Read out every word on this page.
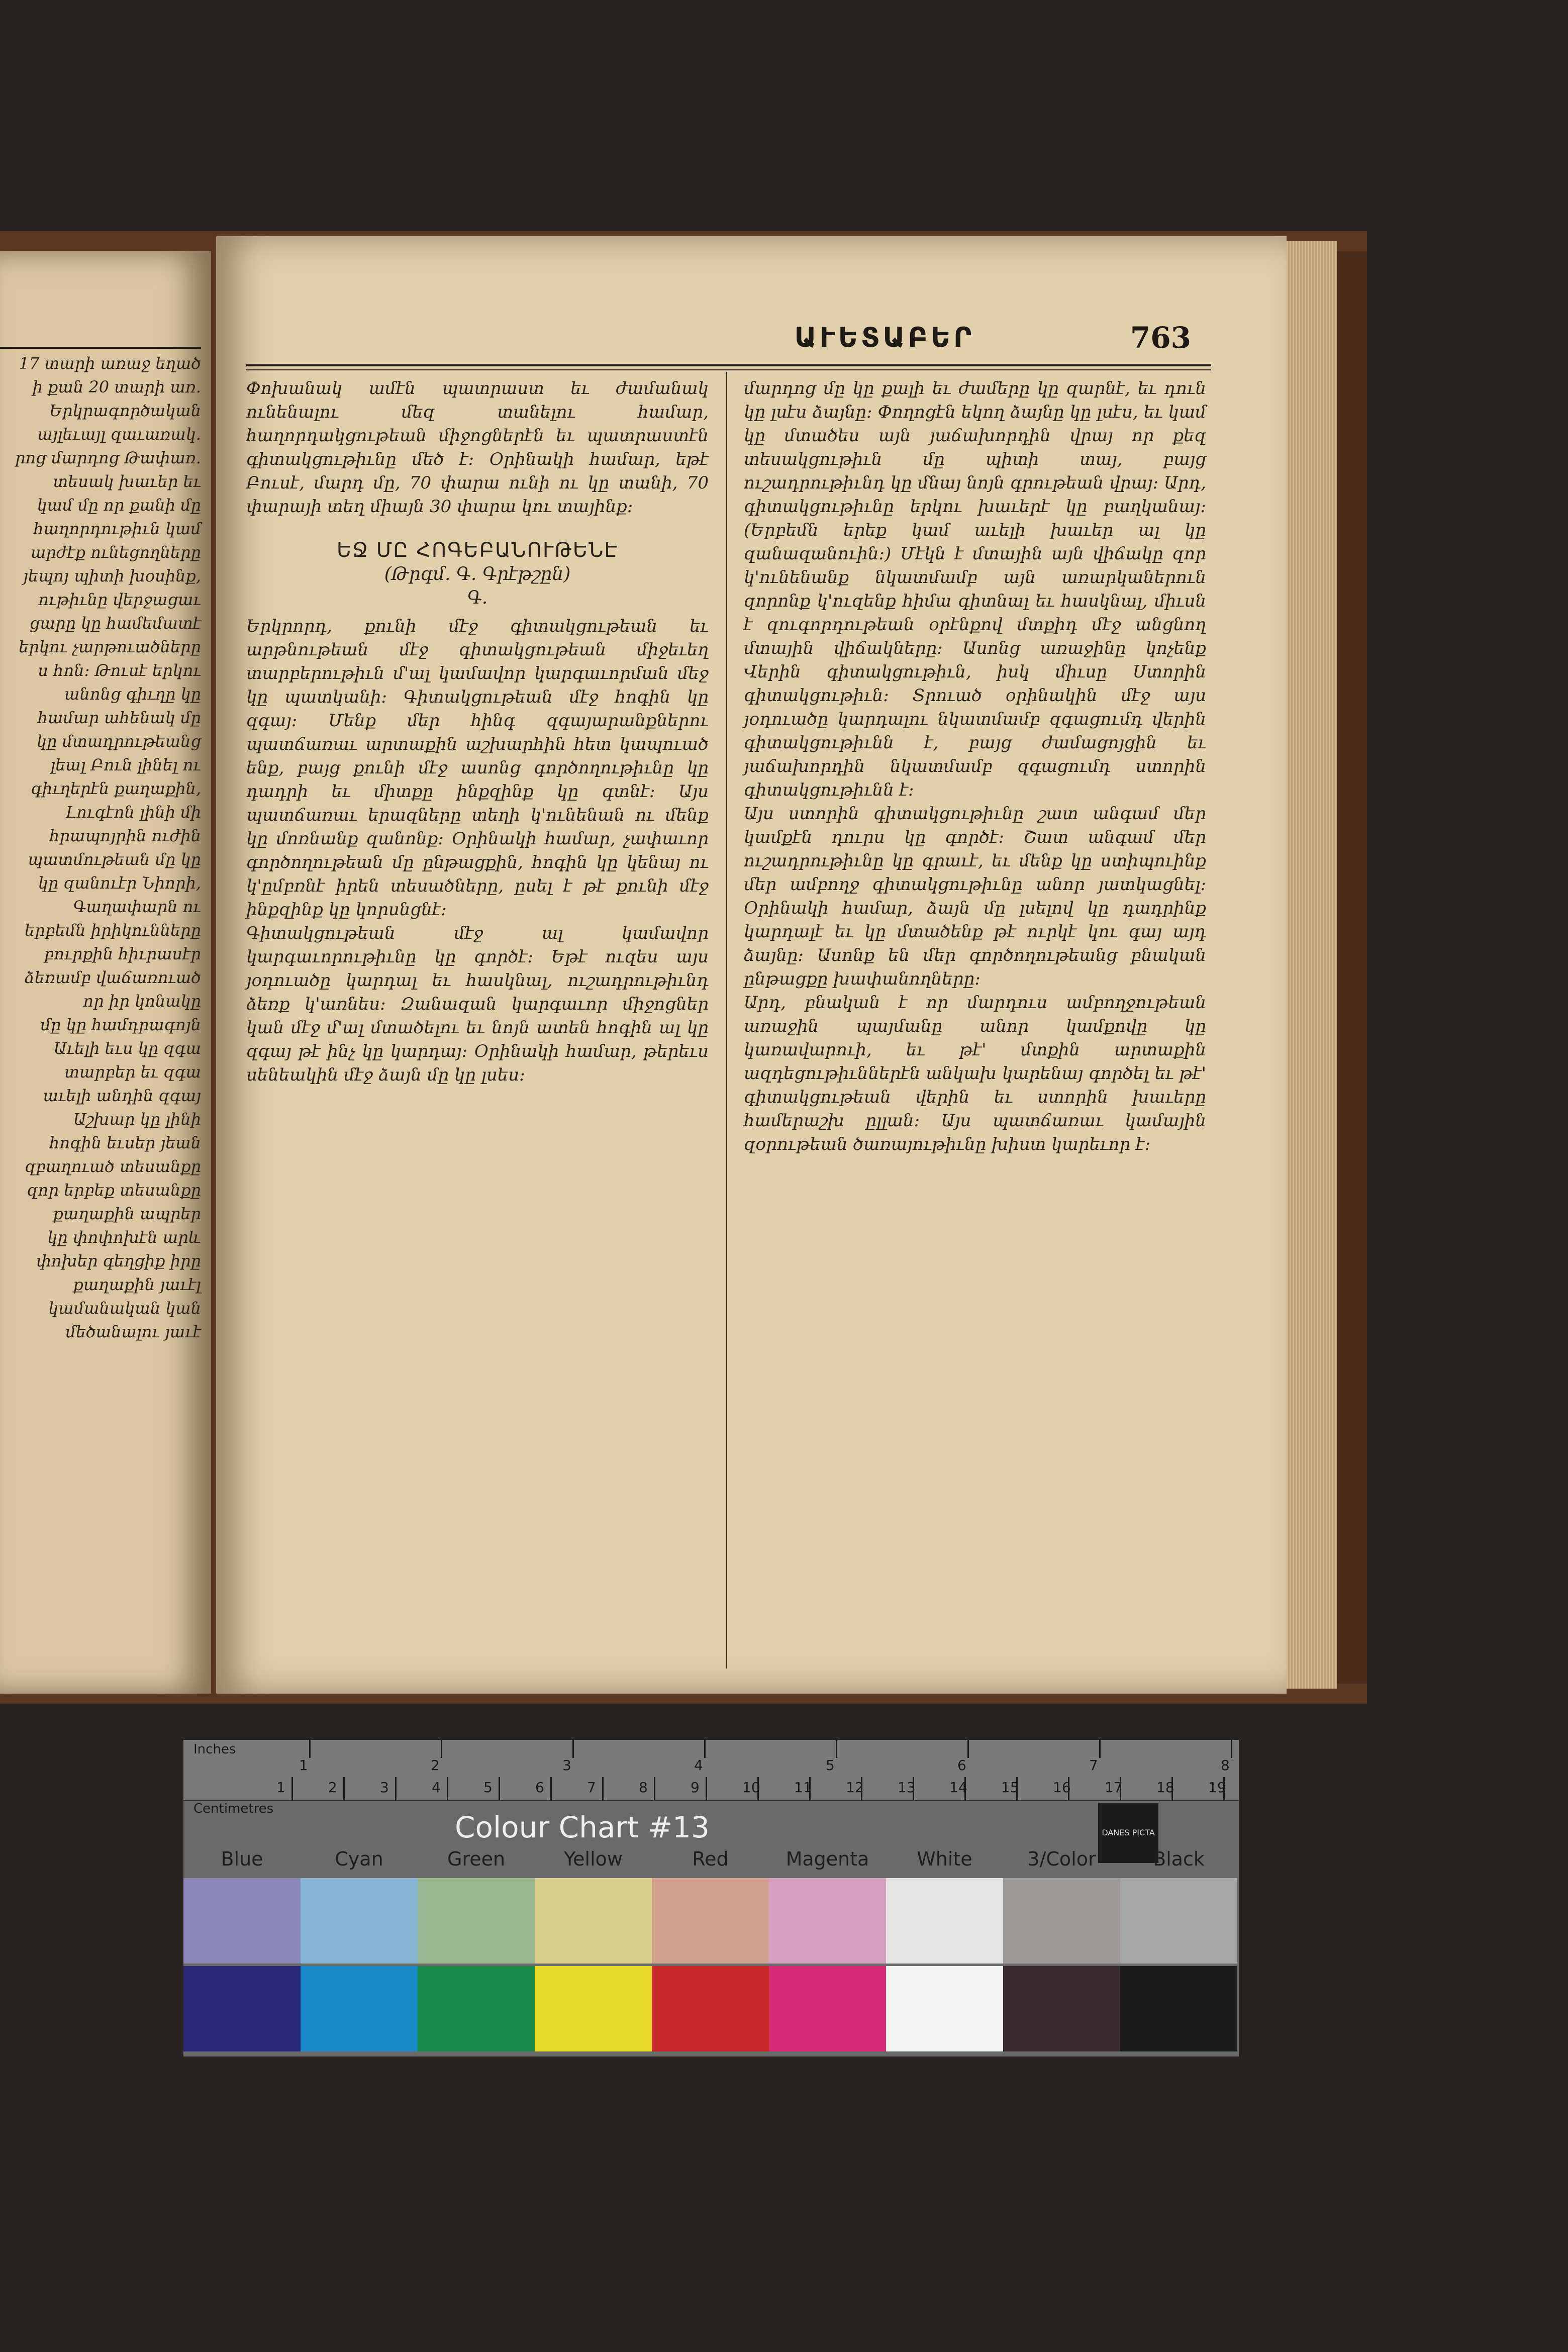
17 տարի առաջ եղած
ի քան 20 տարի առ.
Երկրագործական
այլեւայլ զաւառակ.
րոց մարդոց Թափառ.
տեսակ խաւեր եւ
կամ մը որ քանի մը
հաղորդութիւն կամ
արժէք ունեցողները
յեպոյ պիտի խօսինք,
ութիւնը վերջացաւ
ցարը կը համեմատէ
երկու չարթուածները
ս հոն։ Թուսէ երկու
անոնց գիւղը կը
համար ահենակ մը
կը մտադրութեանց
լեալ Բուն լինել ու
գիւղերէն քաղաքին,
Լուգէոն լինի մի
հրապոյրին ուժին
պատմութեան մը կը
կը զանուէր Նիորի,
Գաղափարն ու
երբեմն իրիկունները
բուրքին հիւրասէր
ձեռամբ վաճառուած
որ իր կոնակը
մը կը համդրագոյն
Աւելի եւս կը զգա
տարբեր եւ զգա
աւելի անդին զգայ
Աշխար կը լինի
հոգին եւսեր յեան
զբաղուած տեսանքը
զոր երբեք տեսանքը
քաղաքին ապրեր
կը փոփոխէն արև
փոխեր գեղցիք իրը
քաղաքին յաւէլ
կամանական կան
մեծանալու յաւէ
ԱՒԵՏԱԲԵՐ	763

Փոխանակ ամէն պատրաստ եւ ժամանակ ունենալու մեզ տանելու համար, հաղորդակցութեան միջոցներէն եւ պատրաստէն գիտակցութիւնը մեծ է։ Օրինակի համար, եթէ Բուսէ, մարդ մը, 70 փարա ունի ու կը տանի, 70 փարայի տեղ միայն 30 փարա կու տայինք։

ԵՋ ՄԸ ՀՈԳԵԲԱՆՈՒԹԵՆԷ
(Թրգմ. Գ. Գրէթշըն)
Գ.

Երկրորդ, քունի մէջ գիտակցութեան եւ արթնութեան մէջ գիտակցութեան միջեւեղ տարբերութիւն մ'ալ կամավոր կարգաւորման մեջ կը պատկանի։ Գիտակցութեան մէջ հոգին կը զգայ։ Մենք մեր հինգ զգայարանքներու պատճառաւ արտաքին աշխարհին հետ կապուած ենք, բայց քունի մէջ ասոնց գործողութիւնը կը դադրի եւ միտքը ինքզինք կը գտնէ։ Այս պատճառաւ երազները տեղի կ'ունենան ու մենք կը մոռնանք զանոնք։ Օրինակի համար, չափաւոր գործողութեան մը ընթացքին, հոգին կը կենայ ու կ'ըմբռնէ իրեն տեսածները, ըսել է թէ քունի մէջ ինքզինք կը կորսնցնէ։

Գիտակցութեան մէջ ալ կամավոր կարգաւորութիւնը կը գործէ։ Եթէ ուզես այս յօդուածը կարդալ եւ հասկնալ, ուշադրութիւնդ ձեռք կ'առնես։ Զանազան կարգաւոր միջոցներ կան մէջ մ'ալ մտածելու եւ նոյն ատեն հոգին ալ կը զգայ թէ ինչ կը կարդայ։ Օրինակի համար, թերեւս սենեակին մէջ ձայն մը կը լսես։

մարդոց մը կը քալի եւ ժամերը կը զարնէ, եւ դուն կը լսէս ձայնը։ Փողոցէն եկող ձայնը կը լսէս, եւ կամ կը մտածես այն յաճախորդին վրայ որ քեզ տեսակցութիւն մը պիտի տայ, բայց ուշադրութիւնդ կը մնայ նոյն գրութեան վրայ։ Արդ, գիտակցութիւնը երկու խաւերէ կը բաղկանայ։ (Երբեմն երեք կամ աւելի խաւեր ալ կը զանազանուին։) Մէկն է մտային այն վիճակը զոր կ'ունենանք նկատմամբ այն առարկաներուն զորոնք կ'ուզենք հիմա գիտնալ եւ հասկնալ, միւսն է զուգորդութեան օրէնքով մտքիդ մէջ անցնող մտային վիճակները։ Ասոնց առաջինը կոչենք Վերին գիտակցութիւն, իսկ միւսը Ստորին գիտակցութիւն։ Տրուած օրինակին մէջ այս յօդուածը կարդալու նկատմամբ զգացումդ վերին գիտակցութիւնն է, բայց ժամացոյցին եւ յաճախորդին նկատմամբ զգացումդ ստորին գիտակցութիւնն է։

Այս ստորին գիտակցութիւնը շատ անգամ մեր կամքէն դուրս կը գործէ։ Շատ անգամ մեր ուշադրութիւնը կը գրաւէ, եւ մենք կը ստիպուինք մեր ամբողջ գիտակցութիւնը անոր յատկացնել։ Օրինակի համար, ձայն մը լսելով կը դադրինք կարդալէ եւ կը մտածենք թէ ուրկէ կու գայ այդ ձայնը։ Ասոնք են մեր գործողութեանց բնական ընթացքը խափանողները։

Արդ, բնական է որ մարդուս ամբողջութեան առաջին պայմանը անոր կամքովը կը կառավարուի, եւ թէ' մտքին արտաքին ազդեցութիւններէն անկախ կարենայ գործել եւ թէ' գիտակցութեան վերին եւ ստորին խաւերը համերաշխ ըլլան։ Այս պատճառաւ կամային զօրութեան ծառայութիւնը խիստ կարեւոր է։

Inches
Centimetres
1	2	3	4	5	6	7	8
1	2	3	4	5	6	7	8	9	10 11 12 13 14 15 16 17 18 19
Colour Chart #13	DANES PICTA
Blue	Cyan	Green	Yellow	Red	Magenta	White	3/Color	Black
